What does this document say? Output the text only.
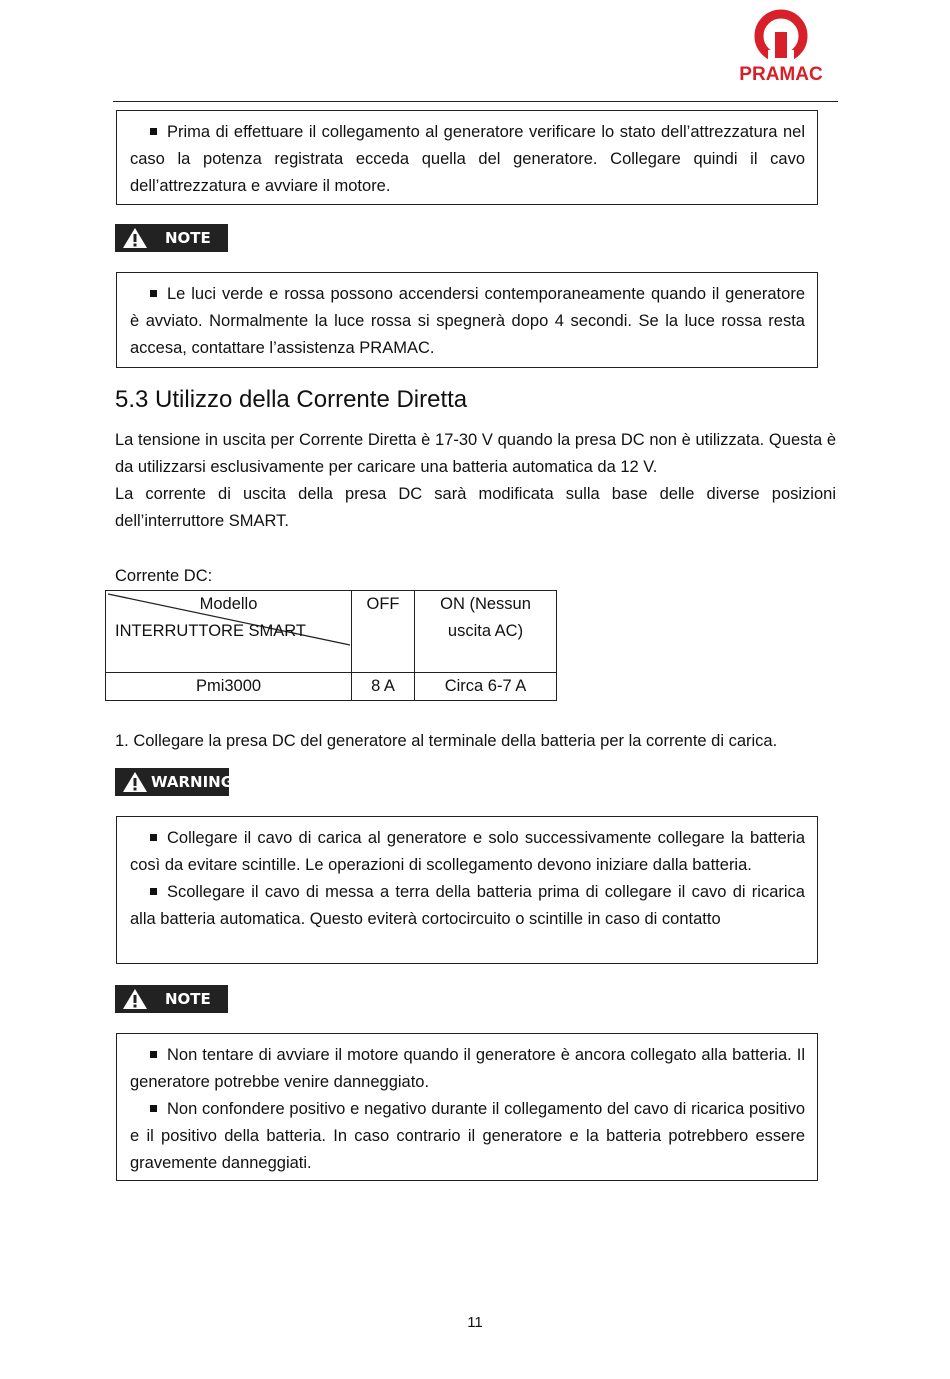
PRAMAC
Prima di effettuare il collegamento al generatore verificare lo stato dell’attrezzatura nel caso la potenza registrata ecceda quella del generatore. Collegare quindi il cavo dell’attrezzatura e avviare il motore.
NOTE
Le luci verde e rossa possono accendersi contemporaneamente quando il generatore è avviato. Normalmente la luce rossa si spegnerà dopo 4 secondi. Se la luce rossa resta accesa, contattare l’assistenza PRAMAC.
5.3 Utilizzo della Corrente Diretta
La tensione in uscita per Corrente Diretta è 17-30 V quando la presa DC non è utilizzata. Questa è da utilizzarsi esclusivamente per caricare una batteria automatica da 12 V.
La corrente di uscita della presa DC sarà modificata sulla base delle diverse posizioni dell’interruttore SMART.
Corrente DC:
Modello
INTERRUTTORE SMART	OFF	ON (Nessun uscita AC)

Pmi3000	8 A	Circa 6-7 A
1. Collegare la presa DC del generatore al terminale della batteria per la corrente di carica.
WARNING
Collegare il cavo di carica al generatore e solo successivamente collegare la batteria così da evitare scintille. Le operazioni di scollegamento devono iniziare dalla batteria.
Scollegare il cavo di messa a terra della batteria prima di collegare il cavo di ricarica alla batteria automatica. Questo eviterà cortocircuito o scintille in caso di contatto
NOTE
Non tentare di avviare il motore quando il generatore è ancora collegato alla batteria. Il generatore potrebbe venire danneggiato.
Non confondere positivo e negativo durante il collegamento del cavo di ricarica positivo e il positivo della batteria. In caso contrario il generatore e la batteria potrebbero essere gravemente danneggiati.
11
